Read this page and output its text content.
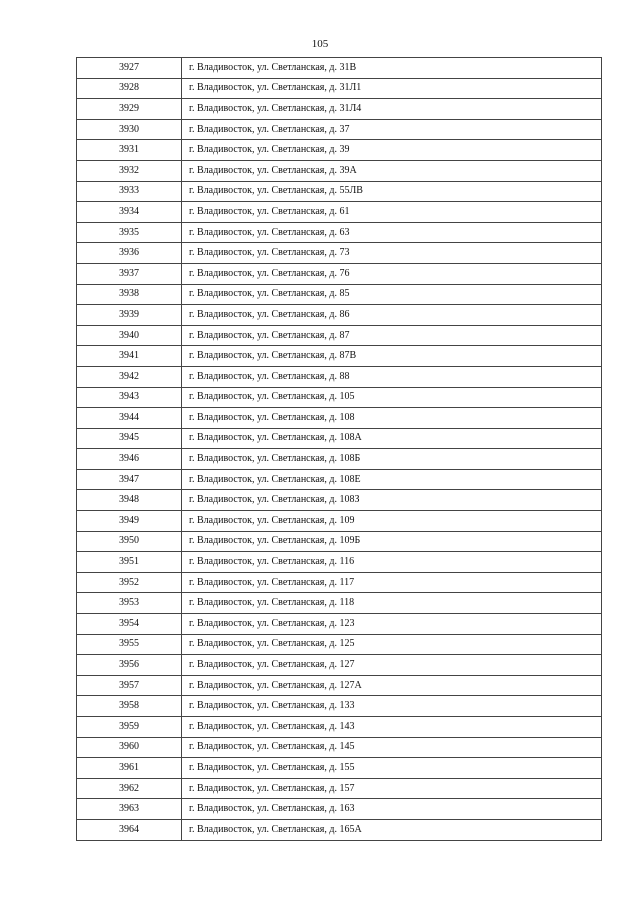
105
3927	г. Владивосток, ул. Светланская, д. 31В
3928	г. Владивосток, ул. Светланская, д. 31Л1
3929	г. Владивосток, ул. Светланская, д. 31Л4
3930	г. Владивосток, ул. Светланская, д. 37
3931	г. Владивосток, ул. Светланская, д. 39
3932	г. Владивосток, ул. Светланская, д. 39А
3933	г. Владивосток, ул. Светланская, д. 55ЛВ
3934	г. Владивосток, ул. Светланская, д. 61
3935	г. Владивосток, ул. Светланская, д. 63
3936	г. Владивосток, ул. Светланская, д. 73
3937	г. Владивосток, ул. Светланская, д. 76
3938	г. Владивосток, ул. Светланская, д. 85
3939	г. Владивосток, ул. Светланская, д. 86
3940	г. Владивосток, ул. Светланская, д. 87
3941	г. Владивосток, ул. Светланская, д. 87В
3942	г. Владивосток, ул. Светланская, д. 88
3943	г. Владивосток, ул. Светланская, д. 105
3944	г. Владивосток, ул. Светланская, д. 108
3945	г. Владивосток, ул. Светланская, д. 108А
3946	г. Владивосток, ул. Светланская, д. 108Б
3947	г. Владивосток, ул. Светланская, д. 108Е
3948	г. Владивосток, ул. Светланская, д. 108З
3949	г. Владивосток, ул. Светланская, д. 109
3950	г. Владивосток, ул. Светланская, д. 109Б
3951	г. Владивосток, ул. Светланская, д. 116
3952	г. Владивосток, ул. Светланская, д. 117
3953	г. Владивосток, ул. Светланская, д. 118
3954	г. Владивосток, ул. Светланская, д. 123
3955	г. Владивосток, ул. Светланская, д. 125
3956	г. Владивосток, ул. Светланская, д. 127
3957	г. Владивосток, ул. Светланская, д. 127А
3958	г. Владивосток, ул. Светланская, д. 133
3959	г. Владивосток, ул. Светланская, д. 143
3960	г. Владивосток, ул. Светланская, д. 145
3961	г. Владивосток, ул. Светланская, д. 155
3962	г. Владивосток, ул. Светланская, д. 157
3963	г. Владивосток, ул. Светланская, д. 163
3964	г. Владивосток, ул. Светланская, д. 165А
